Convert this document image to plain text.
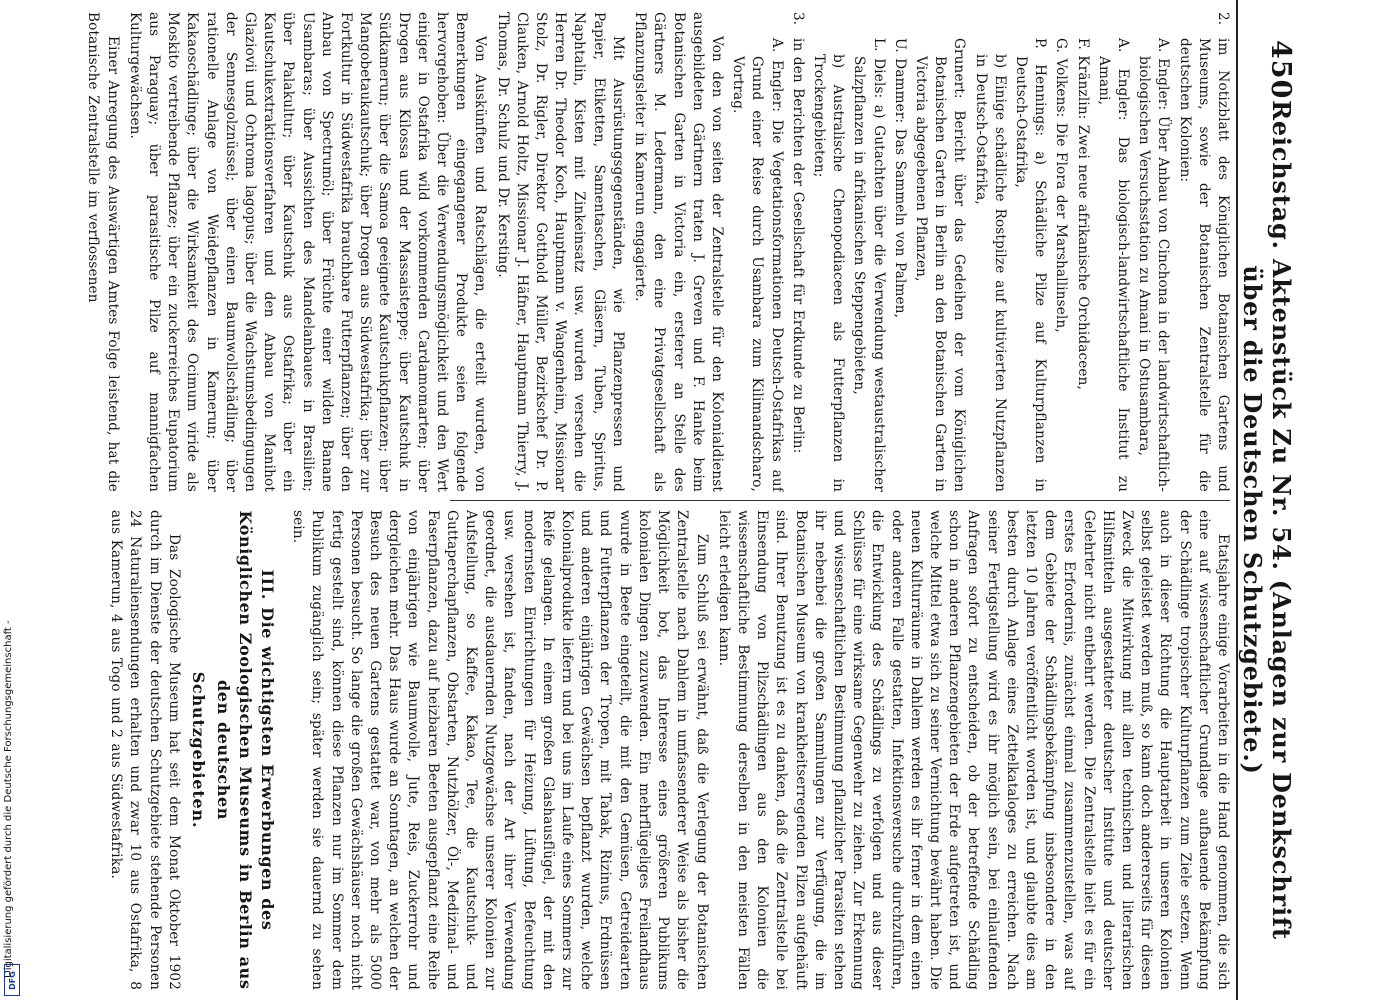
Digitalisierung gefördert durch die Deutsche Forschungsgemeinschaft -
DFG
450
Reichstag. Aktenstück Zu Nr. 54. (Anlagen zur Denkschrift über die Deutschen Schutzgebiete.)
2.im Notizblatt des Königlichen Botanischen Gartens und Museums, sowie der Botanischen Zentralstelle für die deutschen Kolonien:
A. Engler: Über Anbau von Cinchona in der landwirtschaftlich-biologischen Versuchsstation zu Amani in Ostusambara,
A. Engler: Das biologisch-landwirtschaftliche Institut zu Amani,
F. Kränzlin: Zwei neue afrikanische Orchidaceen,
G. Volkens: Die Flora der Marshallinseln,
P. Hennings: a) Schädliche Pilze auf Kulturpflanzen in Deutsch-Ostafrika,
b) Einige schädliche Rostpilze auf kultivierten Nutzpflanzen in Deutsch-Ostafrika,
Grunert: Bericht über das Gedeihen der vom Königlichen Botanischen Garten in Berlin an den Botanischen Garten in Victoria abgegebenen Pflanzen,
U. Dammer: Das Sammeln von Palmen,
L. Diels: a) Gutachten über die Verwendung westaustralischer Salzpflanzen in afrikanischen Steppengebieten,
b) Australische Chenopodiaceen als Futterpflanzen in Trockengebieten;
3.in den Berichten der Gesellschaft für Erdkunde zu Berlin:
A. Engler: Die Vegetationsformationen Deutsch-Ostafrikas auf Grund einer Reise durch Usambara zum Kilimandscharo, Vortrag.

Von den von seiten der Zentralstelle für den Kolonialdienst ausgebildeten Gärtnern traten J. Greven und F. Hanke beim Botanischen Garten in Victoria ein, ersterer an Stelle des Gärtners M. Ledermann, den eine Privatgesellschaft als Pflanzungsleiter in Kamerun engagierte.

Mit Ausrüstungsgegenständen, wie Pflanzenpressen und Papier, Etiketten, Samentaschen, Gläsern, Tuben, Spiritus, Naphtalin, Kisten mit Zinkeinsatz usw. wurden versehen die Herren Dr. Theodor Koch, Hauptmann v. Wangenheim, Missionar Stolz, Dr. Rigler, Direktor Gotthold Müller, Bezirkschef Dr. P. Clauken, Arnold Holtz, Missionar J. Häfner, Hauptmann Thierry, J. Thomas, Dr. Schulz und Dr. Kersting.

Von Auskünften und Ratschlägen, die erteilt wurden, von Bemerkungen eingegangener Produkte seien folgende hervorgehoben: Über die Verwendungsmöglichkeit und den Wert einiger in Ostafrika wild vorkommenden Cardamomarten; über Drogen aus Kilossa und der Massaisteppe; über Kautschuk in Südkamerun; über die Samoa geeignete Kautschukpflanzen; über Mangobetaukautschuk; über Drogen aus Südwestafrika; über zur Fortkultur in Südwestafrika brauchbare Futterpflanzen; über den Anbau von Spectrumöl; über Früchte einer wilden Banane Usambaras; über Aussichten des Mandelanbaues in Brasilien; über Palakultur; über Kautschuk aus Ostafrika; über ein Kautschukextraktionsverfahren und den Anbau von Manihot Glaziovii und Ochroma lagopus; über die Wachstumsbedingungen der Sennesgolznüssel; über einen Baumwollschädling; über rationelle Anlage von Weidepflanzen in Kamerun; über Kakaoschädlinge; über die Wirksamkeit des Ocimum viride als Moskito vertreibende Pflanze; über ein zuckerreiches Eupatorium aus Paraguay; über parasitische Pilze auf mannigfachen Kulturgewächsen.

Einer Anregung des Auswärtigen Amtes Folge leistend, hat die Botanische Zentralstelle im verflossenen

Etatsjahre einige Vorarbeiten in die Hand genommen, die sich eine auf wissenschaftlicher Grundlage aufbauende Bekämpfung der Schädlinge tropischer Kulturpflanzen zum Ziele setzen. Wenn auch in dieser Richtung die Hauptarbeit in unseren Kolonien selbst geleistet werden muß, so kann doch andererseits für diesen Zweck die Mitwirkung mit allen technischen und literarischen Hilfsmitteln ausgestatteter deutscher Institute und deutscher Gelehrter nicht entbehrt werden. Die Zentralstelle hielt es für ein erstes Erfordernis, zunächst einmal zusammenzustellen, was auf dem Gebiete der Schädlingsbekämpfung insbesondere in den letzten 10 Jahren veröffentlicht worden ist, und glaubte dies am besten durch Anlage eines Zettelkataloges zu erreichen. Nach seiner Fertigstellung wird es ihr möglich sein, bei einlaufenden Anfragen sofort zu entscheiden, ob der betreffende Schädling schon in anderen Pflanzengebieten der Erde aufgetreten ist, und welche Mittel etwa sich zu seiner Vernichtung bewährt haben. Die neuen Kulturräume in Dahlem werden es ihr ferner in dem einen oder anderen Falle gestatten, Infektionsversuche durchzuführen, die Entwicklung des Schädlings zu verfolgen und aus dieser Schlüsse für eine wirksame Gegenwehr zu ziehen. Zur Erkennung und wissenschaftlichen Bestimmung pflanzlicher Parasiten stehen ihr nebenbei die großen Sammlungen zur Verfügung, die im Botanischen Museum von krankheitserregenden Pilzen aufgehäuft sind. Ihrer Benutzung ist es zu danken, daß die Zentralstelle bei Einsendung von Pilzschädlingen aus den Kolonien die wissenschaftliche Bestimmung derselben in den meisten Fällen leicht erledigen kann.

Zum Schluß sei erwähnt, daß die Verlegung der Botanischen Zentralstelle nach Dahlem in umfassenderer Weise als bisher die Möglichkeit bot, das Interesse eines größeren Publikums kolonialen Dingen zuzuwenden. Ein mehrflügeliges Freilandhaus wurde in Beete eingeteilt, die mit den Gemüsen, Getreidearten und Futterpflanzen der Tropen, mit Tabak, Rizinus, Erdnüssen und anderen einjährigen Gewächsen bepflanzt wurden, welche Kolonialprodukte liefern und bei uns im Laufe eines Sommers zur Reife gelangen. In einem großen Glashausflügel, der mit den modernsten Einrichtungen für Heizung, Lüftung, Befeuchtung usw. versehen ist, fanden, nach der Art ihrer Verwendung geordnet, die ausdauernden Nutzgewächse unserer Kolonien zur Aufstellung, so Kaffee, Kakao, Tee, die Kautschuk- und Guttaperchapflanzen, Obstarten, Nutzhölzer, Öl-, Medizinal- und Faserpflanzen, dazu auf heizbaren Beeten ausgepflanzt eine Reihe von einjährigen wie Baumwolle, Jute, Reis, Zuckerrohr und dergleichen mehr. Das Haus wurde an Sonntagen, an welchen der Besuch des neuen Gartens gestattet war, von mehr als 5000 Personen besucht. So lange die großen Gewächshäuser noch nicht fertig gestellt sind, können diese Pflanzen nur im Sommer dem Publikum zugänglich sein; später werden sie dauernd zu sehen sein.

III. Die wichtigsten Erwerbungen des Königlichen Zoologischen Museums in Berlin aus den deutschen
Schutzgebieten.

Das Zoologische Museum hat seit dem Monat Oktober 1902 durch im Dienste der deutschen Schutzgebiete stehende Personen 24 Naturaliensendungen erhalten und zwar 10 aus Ostafrika, 8 aus Kamerun, 4 aus Togo und 2 aus Südwestafrika.
